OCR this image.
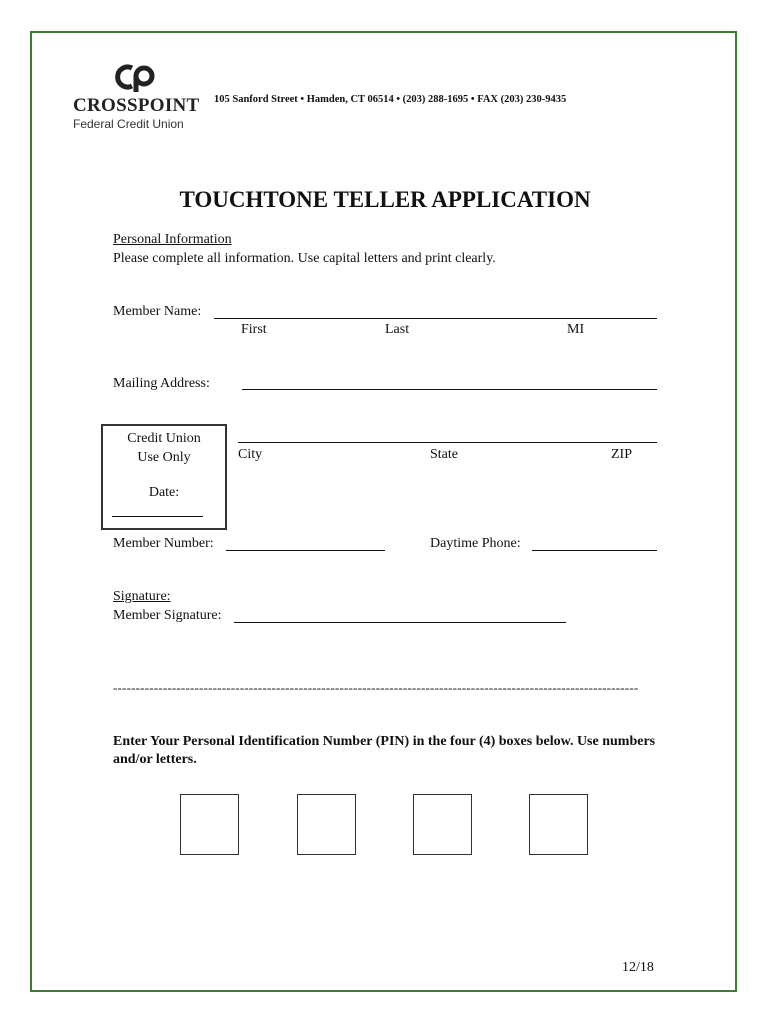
CROSSPOINT
Federal Credit Union
105 Sanford Street • Hamden, CT 06514 • (203) 288-1695 • FAX (203) 230-9435
TOUCHTONE TELLER APPLICATION
Personal Information
Please complete all information. Use capital letters and print clearly.
Member Name:
First	Last	MI
Mailing Address:
Credit Union
Use Only
Date:
City	State	ZIP
Member Number:	Daytime Phone:
Signature:
Member Signature:
--------------------------------------------------------------------------------------------------------------------
Enter Your Personal Identification Number (PIN) in the four (4) boxes below. Use numbers and/or letters.
12/18
